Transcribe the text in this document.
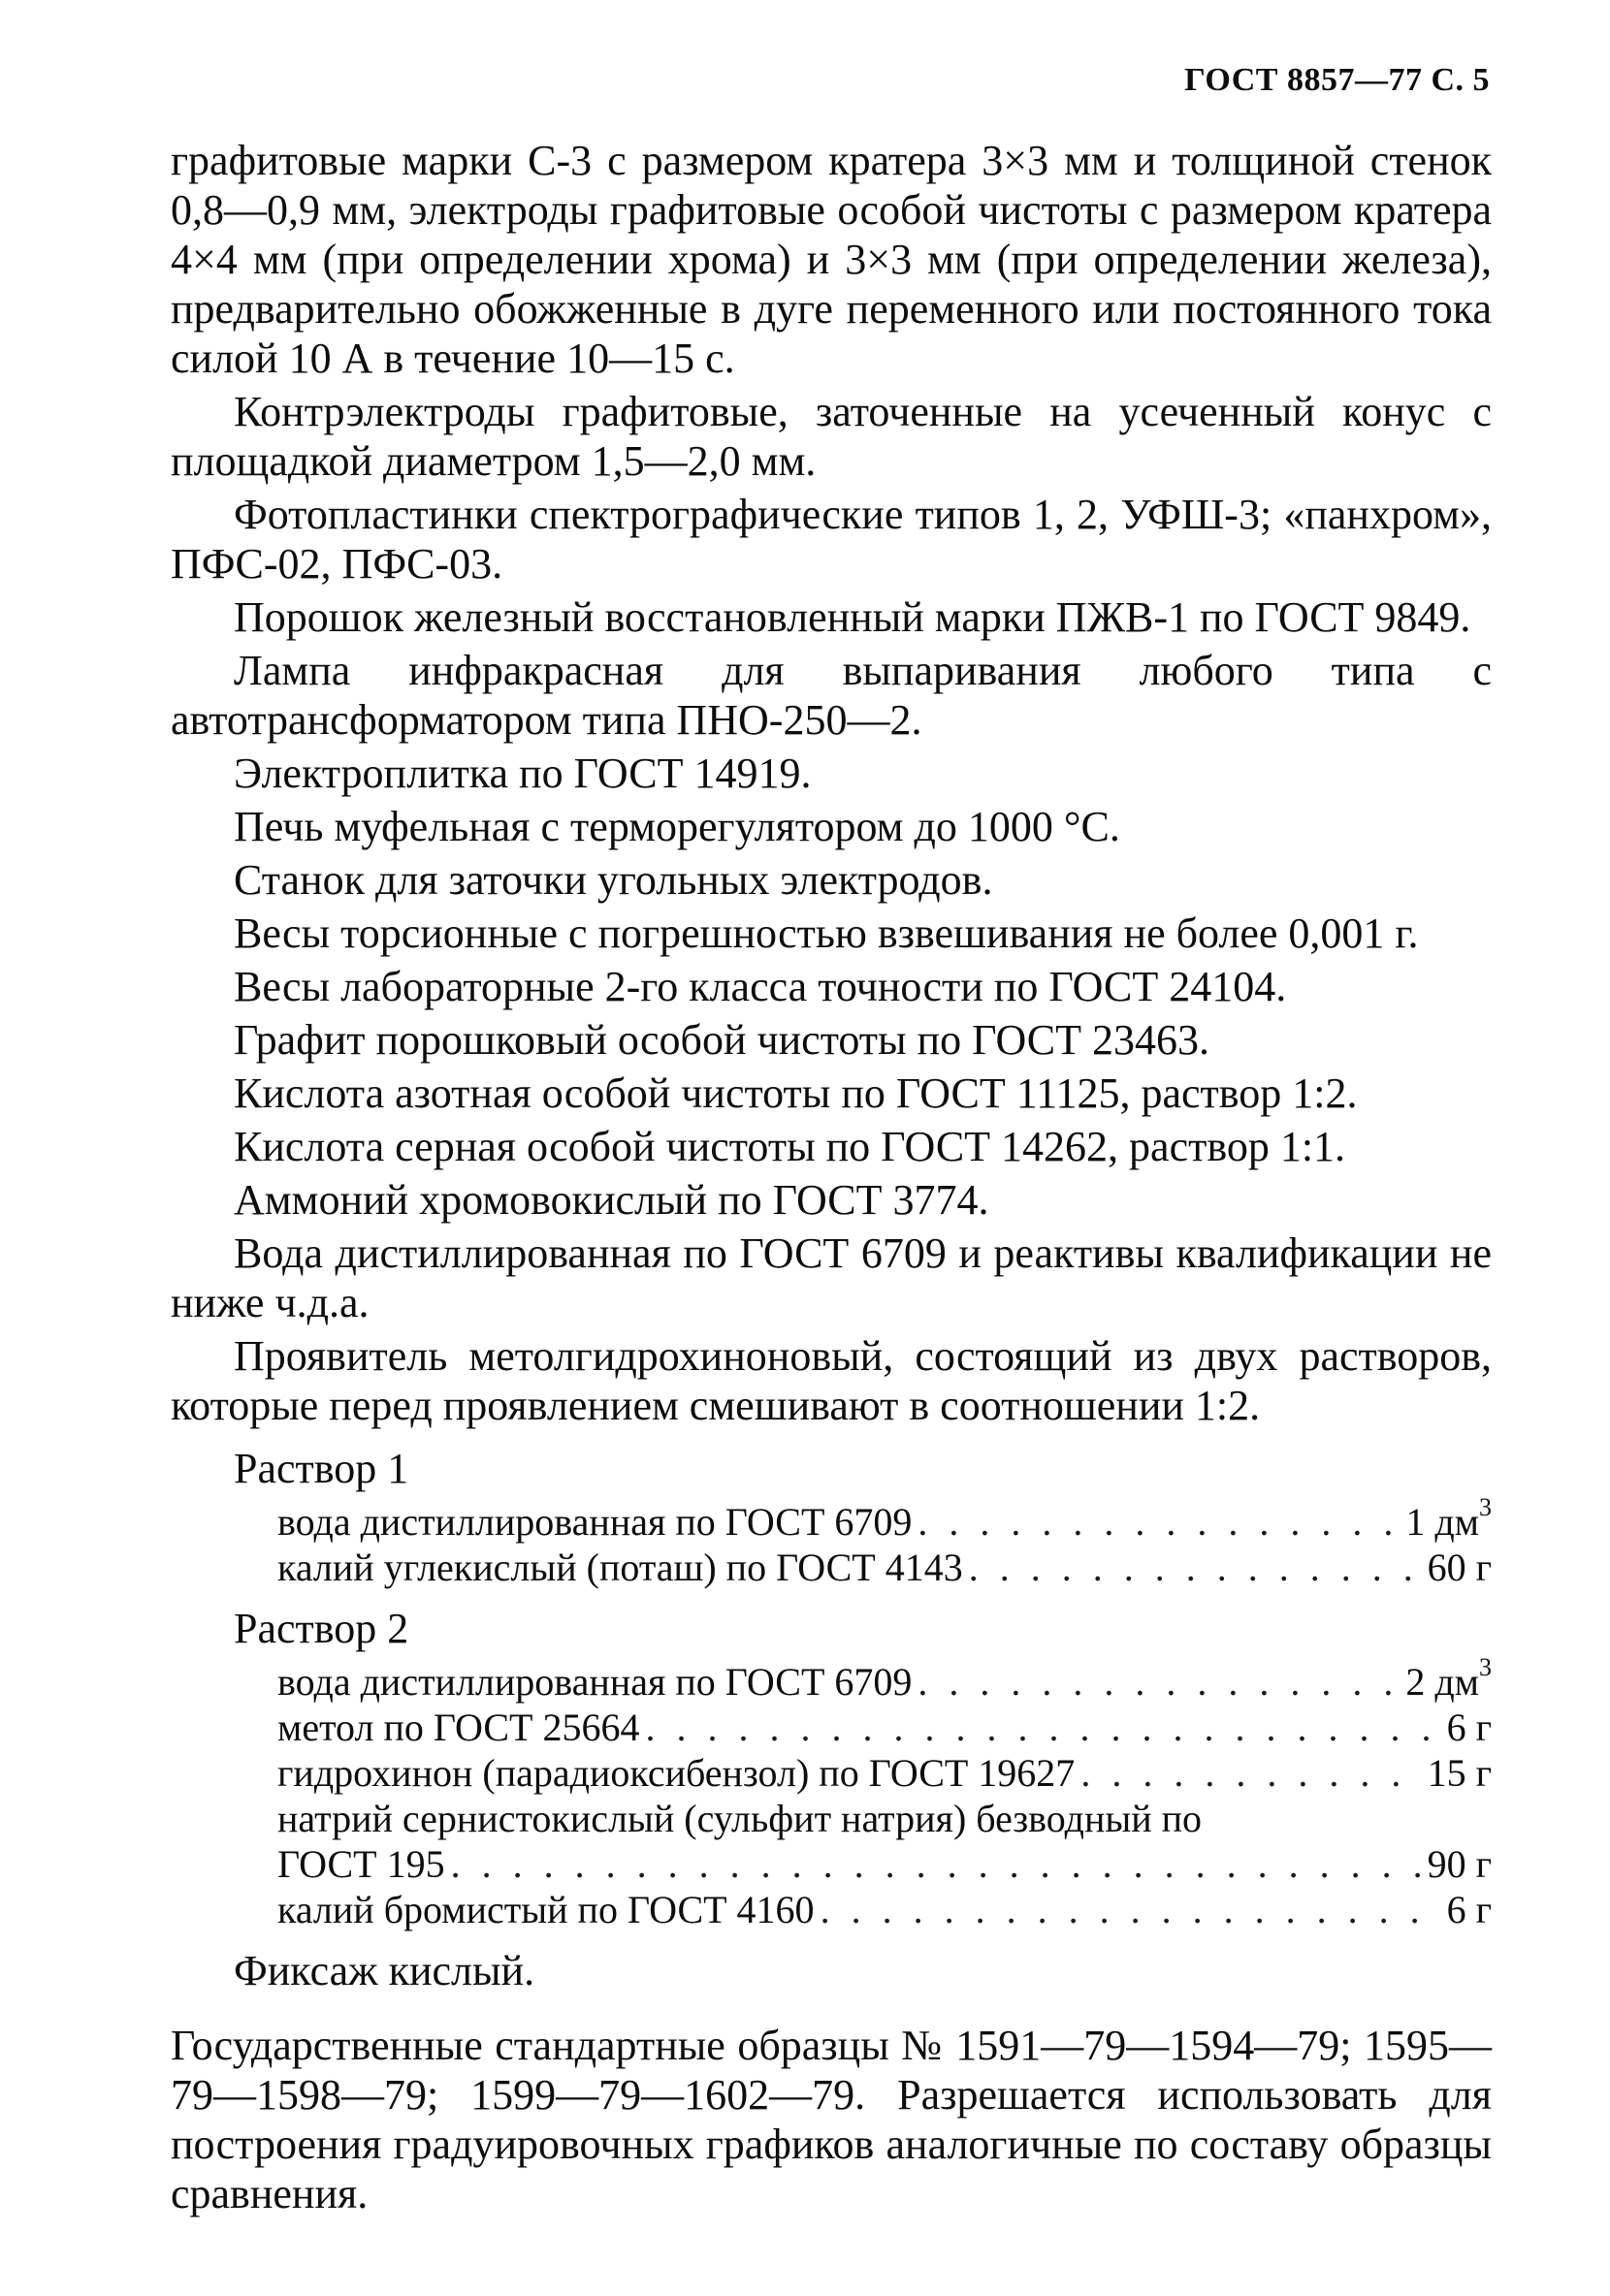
ГОСТ 8857—77 С. 5

графитовые марки С-3 с размером кратера 3×3 мм и толщиной стенок 0,8—0,9 мм, электроды графитовые особой чистоты с размером кратера 4×4 мм (при определении хрома) и 3×3 мм (при определении железа), предварительно обожженные в дуге переменного или постоянного тока силой 10 А в течение 10—15 с.

Контрэлектроды графитовые, заточенные на усеченный конус с площадкой диаметром 1,5—2,0 мм.

Фотопластинки спектрографические типов 1, 2, УФШ-3; «панхром», ПФС-02, ПФС-03.

Порошок железный восстановленный марки ПЖВ-1 по ГОСТ 9849.

Лампа инфракрасная для выпаривания любого типа с автотрансформатором типа ПНО-250—2.

Электроплитка по ГОСТ 14919.

Печь муфельная с терморегулятором до 1000 °С.

Станок для заточки угольных электродов.

Весы торсионные с погрешностью взвешивания не более 0,001 г.

Весы лабораторные 2-го класса точности по ГОСТ 24104.

Графит порошковый особой чистоты по ГОСТ 23463.

Кислота азотная особой чистоты по ГОСТ 11125, раствор 1:2.

Кислота серная особой чистоты по ГОСТ 14262, раствор 1:1.

Аммоний хромовокислый по ГОСТ 3774.

Вода дистиллированная по ГОСТ 6709 и реактивы квалификации не ниже ч.д.а.

Проявитель метолгидрохиноновый, состоящий из двух растворов, которые перед проявлением смешивают в соотношении 1:2.

Раствор 1
вода дистиллированная по ГОСТ 6709 . . .	1 $дм^3$
калий углекислый (поташ) по ГОСТ 4143 . . .	60 г
Раствор 2
вода дистиллированная по ГОСТ 6709 . . .	2 $дм^3$
метол по ГОСТ 25664 . . .	6 г
гидрохинон (парадиоксибензол) по ГОСТ 19627 . . .	15 г
натрий сернистокислый (сульфит натрия) безводный по
ГОСТ 195 . . .	90 г
калий бромистый по ГОСТ 4160 . . .	6 г
Фиксаж кислый.

Государственные стандартные образцы № 1591—79—1594—79; 1595—79—1598—79; 1599—79—1602—79. Разрешается использовать для построения градуировочных графиков аналогичные по составу образцы сравнения.
